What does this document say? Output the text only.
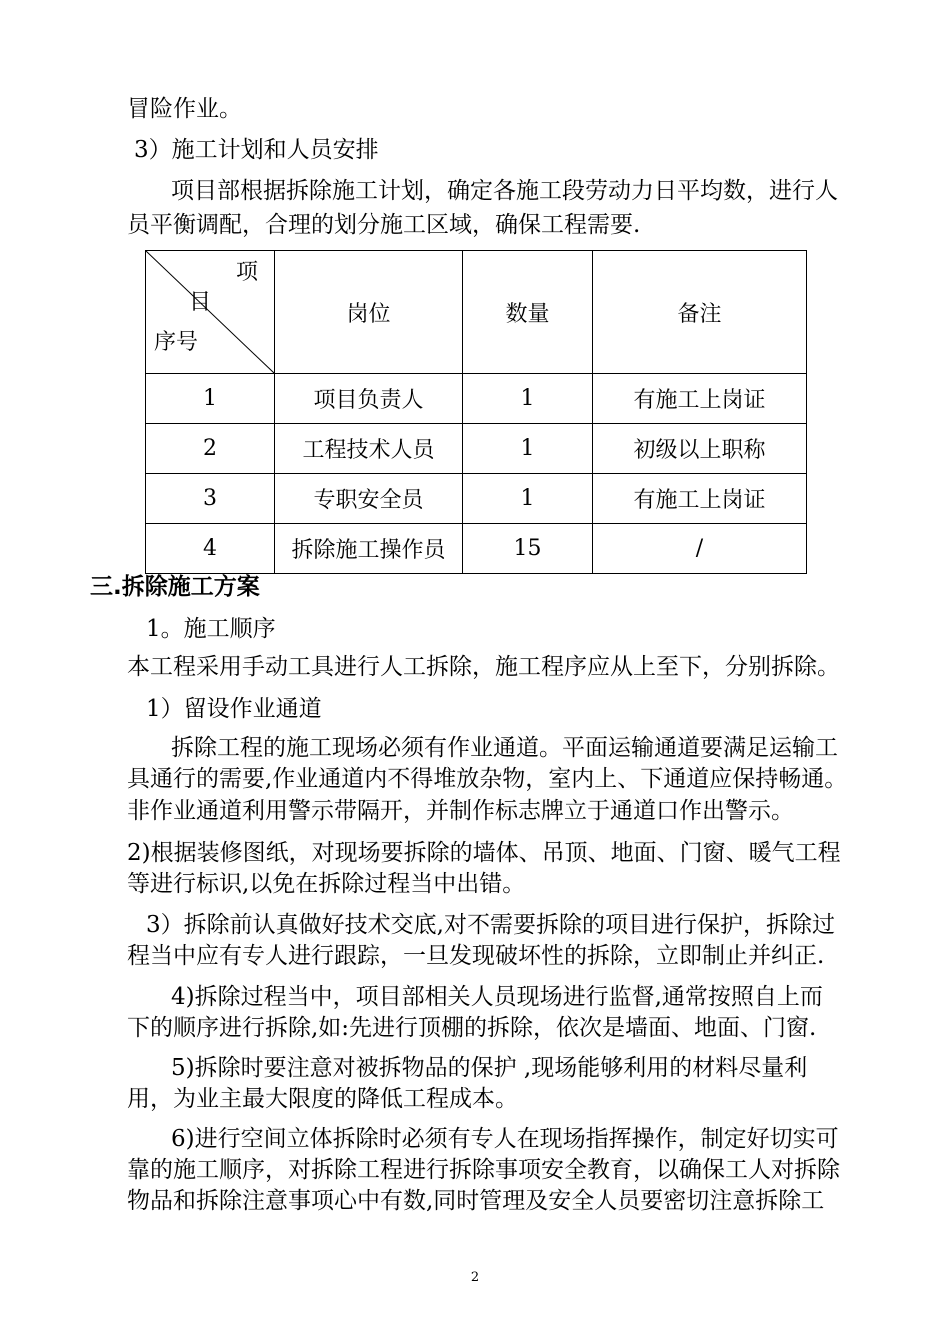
冒险作业。
3）施工计划和人员安排
项目部根据拆除施工计划，确定各施工段劳动力日平均数，进行人
员平衡调配，合理的划分施工区域，确保工程需要.
项
目
序号	岗位	数量	备注
1	项目负责人	1	有施工上岗证
2	工程技术人员	1	初级以上职称
3	专职安全员	1	有施工上岗证
4	拆除施工操作员	15	/
三.拆除施工方案
1。施工顺序
本工程采用手动工具进行人工拆除，施工程序应从上至下，分别拆除。
1）留设作业通道
拆除工程的施工现场必须有作业通道。平面运输通道要满足运输工
具通行的需要,作业通道内不得堆放杂物，室内上、下通道应保持畅通。
非作业通道利用警示带隔开，并制作标志牌立于通道口作出警示。
2)根据装修图纸，对现场要拆除的墙体、吊顶、地面、门窗、暖气工程
等进行标识,以免在拆除过程当中出错。
3）拆除前认真做好技术交底,对不需要拆除的项目进行保护，拆除过
程当中应有专人进行跟踪，一旦发现破坏性的拆除，立即制止并纠正.
4)拆除过程当中，项目部相关人员现场进行监督,通常按照自上而
下的顺序进行拆除,如:先进行顶棚的拆除，依次是墙面、地面、门窗.
5)拆除时要注意对被拆物品的保护 ,现场能够利用的材料尽量利
用，为业主最大限度的降低工程成本。
6)进行空间立体拆除时必须有专人在现场指挥操作，制定好切实可
靠的施工顺序，对拆除工程进行拆除事项安全教育，以确保工人对拆除
物品和拆除注意事项心中有数,同时管理及安全人员要密切注意拆除工
2
